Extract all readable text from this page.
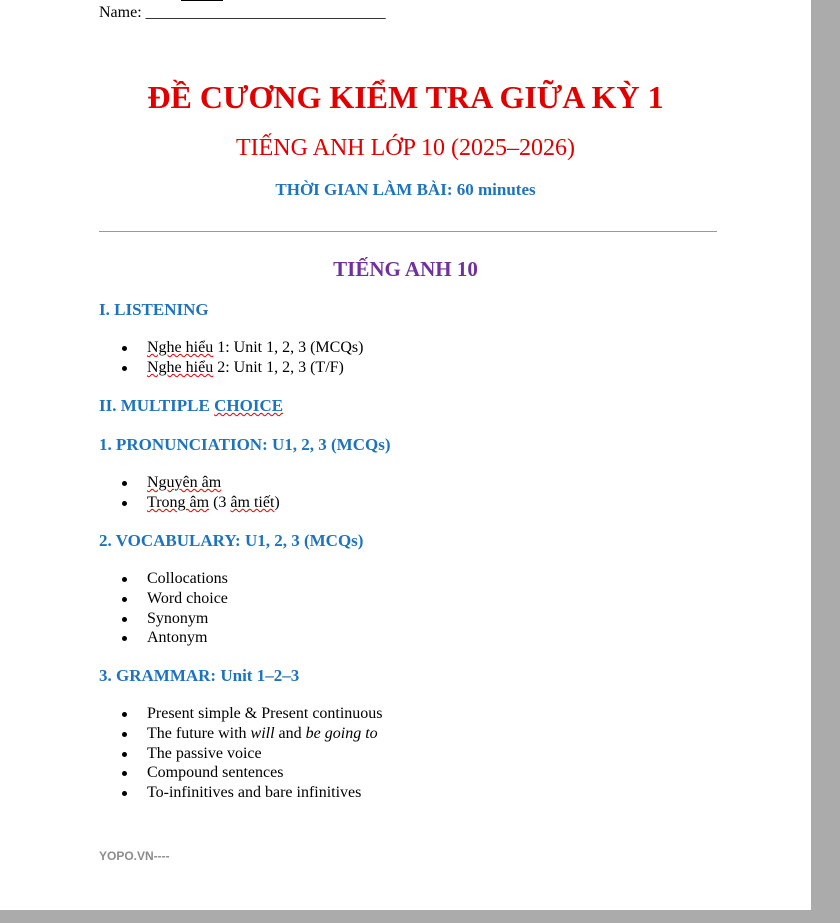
Name: ______________________________
ĐỀ CƯƠNG KIỂM TRA GIỮA KỲ 1
TIẾNG ANH LỚP 10 (2025–2026)
THỜI GIAN LÀM BÀI: 60 minutes
TIẾNG ANH 10
I. LISTENING
Nghe hiểu 1: Unit 1, 2, 3 (MCQs)
Nghe hiểu 2: Unit 1, 2, 3 (T/F)
II. MULTIPLE CHOICE
1. PRONUNCIATION: U1, 2, 3 (MCQs)
Nguyên âm
Trong âm (3 âm tiết)
2. VOCABULARY: U1, 2, 3 (MCQs)
Collocations
Word choice
Synonym
Antonym
3. GRAMMAR: Unit 1–2–3
Present simple & Present continuous
The future with will and be going to
The passive voice
Compound sentences
To-infinitives and bare infinitives
YOPO.VN----
